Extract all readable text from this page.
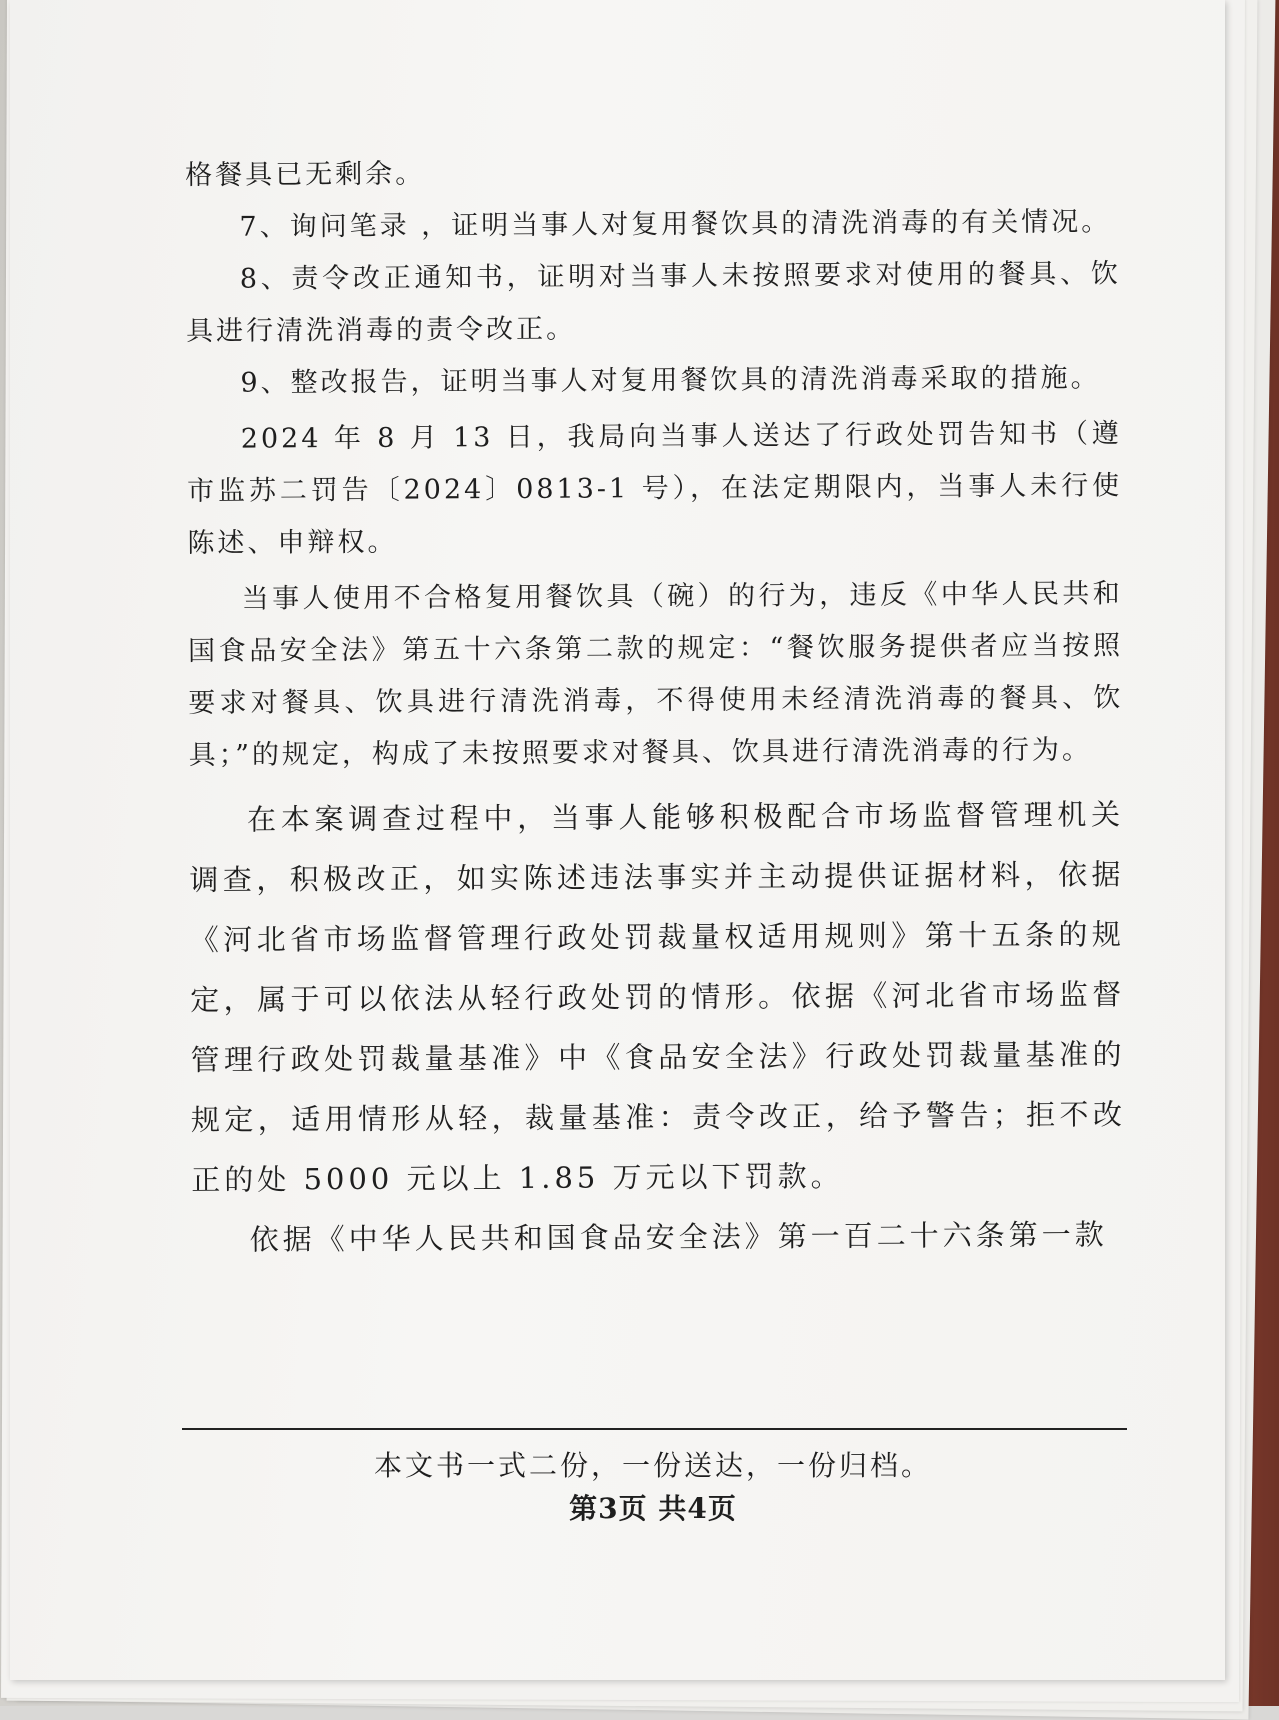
格餐具已无剩余。

7、询问笔录 ，证明当事人对复用餐饮具的清洗消毒的有关情况。

8、责令改正通知书，证明对当事人未按照要求对使用的餐具、饮具进行清洗消毒的责令改正。

9、整改报告，证明当事人对复用餐饮具的清洗消毒采取的措施。

2024 年 8 月 13 日，我局向当事人送达了行政处罚告知书（遵市监苏二罚告〔2024〕0813-1 号），在法定期限内，当事人未行使陈述、申辩权。

当事人使用不合格复用餐饮具（碗）的行为，违反《中华人民共和国食品安全法》第五十六条第二款的规定：“餐饮服务提供者应当按照要求对餐具、饮具进行清洗消毒，不得使用未经清洗消毒的餐具、饮具；”的规定，构成了未按照要求对餐具、饮具进行清洗消毒的行为。

在本案调查过程中，当事人能够积极配合市场监督管理机关调查，积极改正，如实陈述违法事实并主动提供证据材料，依据《河北省市场监督管理行政处罚裁量权适用规则》第十五条的规定，属于可以依法从轻行政处罚的情形。依据《河北省市场监督管理行政处罚裁量基准》中《食品安全法》行政处罚裁量基准的规定，适用情形从轻，裁量基准：责令改正，给予警告；拒不改正的处 5000 元以上 1.85 万元以下罚款。

依据《中华人民共和国食品安全法》第一百二十六条第一款

本文书一式二份，一份送达，一份归档。
第3页 共4页
